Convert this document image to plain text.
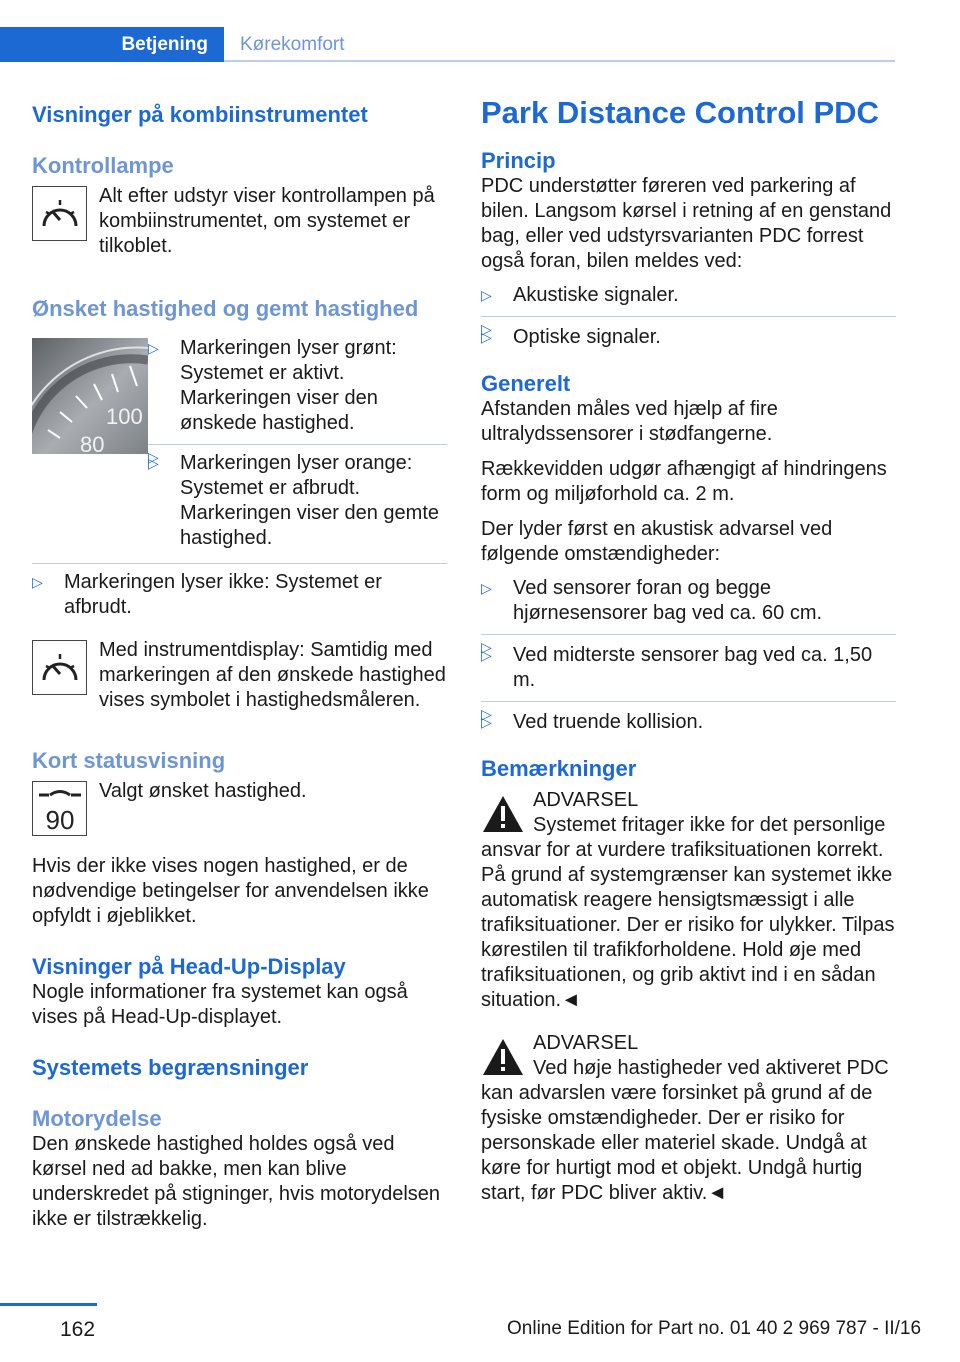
Betjening	Kørekomfort
Visninger på kombiinstrumentet
Kontrollampe

Alt efter udstyr viser kontrollampen på kombiinstrumentet, om systemet er tilkoblet.

Ønsket hastighed og gemt hastighed
100
80
▷ Markeringen lyser grønt: Systemet er aktivt. Markeringen viser den ønskede hastighed.
▷
▷ Markeringen lyser orange: Systemet er afbrudt. Markeringen viser den gemte hastighed.
▷ Markeringen lyser ikke: Systemet er afbrudt.

Med instrumentdisplay: Samtidig med markeringen af den ønskede hastighed vises symbolet i hastighedsmåleren.

Kort statusvisning
90

Valgt ønsket hastighed.

Hvis der ikke vises nogen hastighed, er de nødvendige betingelser for anvendelsen ikke opfyldt i øjeblikket.

Visninger på Head-Up-Display

Nogle informationer fra systemet kan også vises på Head-Up-displayet.

Systemets begrænsninger
Motorydelse

Den ønskede hastighed holdes også ved kørsel ned ad bakke, men kan blive underskredet på stigninger, hvis motorydelsen ikke er tilstrækkelig.

Park Distance Control PDC
Princip

PDC understøtter føreren ved parkering af bilen. Langsom kørsel i retning af en genstand bag, eller ved udstyrsvarianten PDC forrest også foran, bilen meldes ved:

▷ Akustiske signaler.
▷
▷ Optiske signaler.
Generelt

Afstanden måles ved hjælp af fire ultralydssensorer i stødfangerne.

Rækkevidden udgør afhængigt af hindringens form og miljøforhold ca. 2 m.

Der lyder først en akustisk advarsel ved følgende omstændigheder:

▷ Ved sensorer foran og begge hjørnesensorer bag ved ca. 60 cm.
▷
▷ Ved midterste sensorer bag ved ca. 1,50 m.
▷
▷ Ved truende kollision.
Bemærkninger

ADVARSEL

Systemet fritager ikke for det personlige ansvar for at vurdere trafiksituationen korrekt. På grund af systemgrænser kan systemet ikke automatisk reagere hensigtsmæssigt i alle trafiksituationer. Der er risiko for ulykker. Tilpas kørestilen til trafikforholdene. Hold øje med trafiksituationen, og grib aktivt ind i en sådan situation.◄

ADVARSEL

Ved høje hastigheder ved aktiveret PDC kan advarslen være forsinket på grund af de fysiske omstændigheder. Der er risiko for personskade eller materiel skade. Undgå at køre for hurtigt mod et objekt. Undgå hurtig start, før PDC bliver aktiv.◄

162	Online Edition for Part no. 01 40 2 969 787 - II/16
